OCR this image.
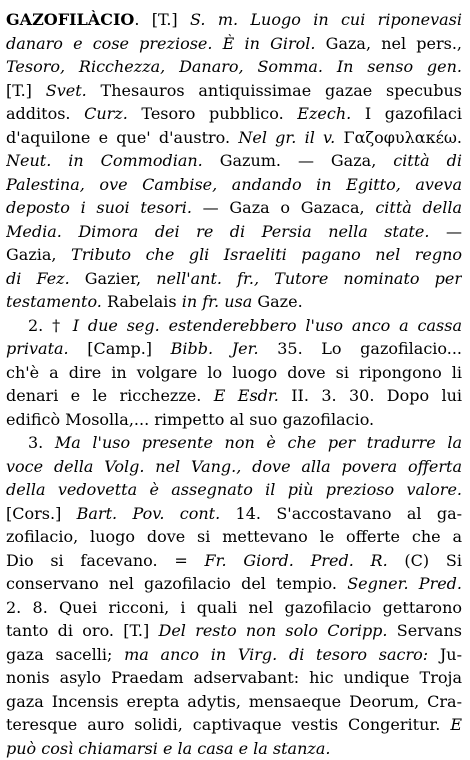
GAZOFILÀCIO. [T.] S. m. Luogo in cui riponevasi
danaro e cose preziose. È in Girol. Gaza, nel pers.,
Tesoro, Ricchezza, Danaro, Somma. In senso gen.
[T.] Svet. Thesauros antiquissimae gazae specubus
additos. Curz. Tesoro pubblico. Ezech. I gazofilaci
d'aquilone e que' d'austro. Nel gr. il v. Γαζοφυλακέω.
Neut. in Commodian. Gazum. — Gaza, città di
Palestina, ove Cambise, andando in Egitto, aveva
deposto i suoi tesori. — Gaza o Gazaca, città della
Media. Dimora dei re di Persia nella state. —
Gazia, Tributo che gli Israeliti pagano nel regno
di Fez. Gazier, nell'ant. fr., Tutore nominato per
testamento. Rabelais in fr. usa Gaze.
2. † I due seg. estenderebbero l'uso anco a cassa
privata. [Camp.] Bibb. Jer. 35. Lo gazofilacio...
ch'è a dire in volgare lo luogo dove si ripongono li
denari e le ricchezze. E Esdr. II. 3. 30. Dopo lui
edificò Mosolla,... rimpetto al suo gazofilacio.
3. Ma l'uso presente non è che per tradurre la
voce della Volg. nel Vang., dove alla povera offerta
della vedovetta è assegnato il più prezioso valore.
[Cors.] Bart. Pov. cont. 14. S'accostavano al ga-
zofilacio, luogo dove si mettevano le offerte che a
Dio si facevano. = Fr. Giord. Pred. R. (C) Si
conservano nel gazofilacio del tempio. Segner. Pred.
2. 8. Quei ricconi, i quali nel gazofilacio gettarono
tanto di oro. [T.] Del resto non solo Coripp. Servans
gaza sacelli; ma anco in Virg. di tesoro sacro: Ju-
nonis asylo Praedam adservabant: hic undique Troja
gaza Incensis erepta adytis, mensaeque Deorum, Cra-
teresque auro solidi, captivaque vestis Congeritur. E
può così chiamarsi e la casa e la stanza.
